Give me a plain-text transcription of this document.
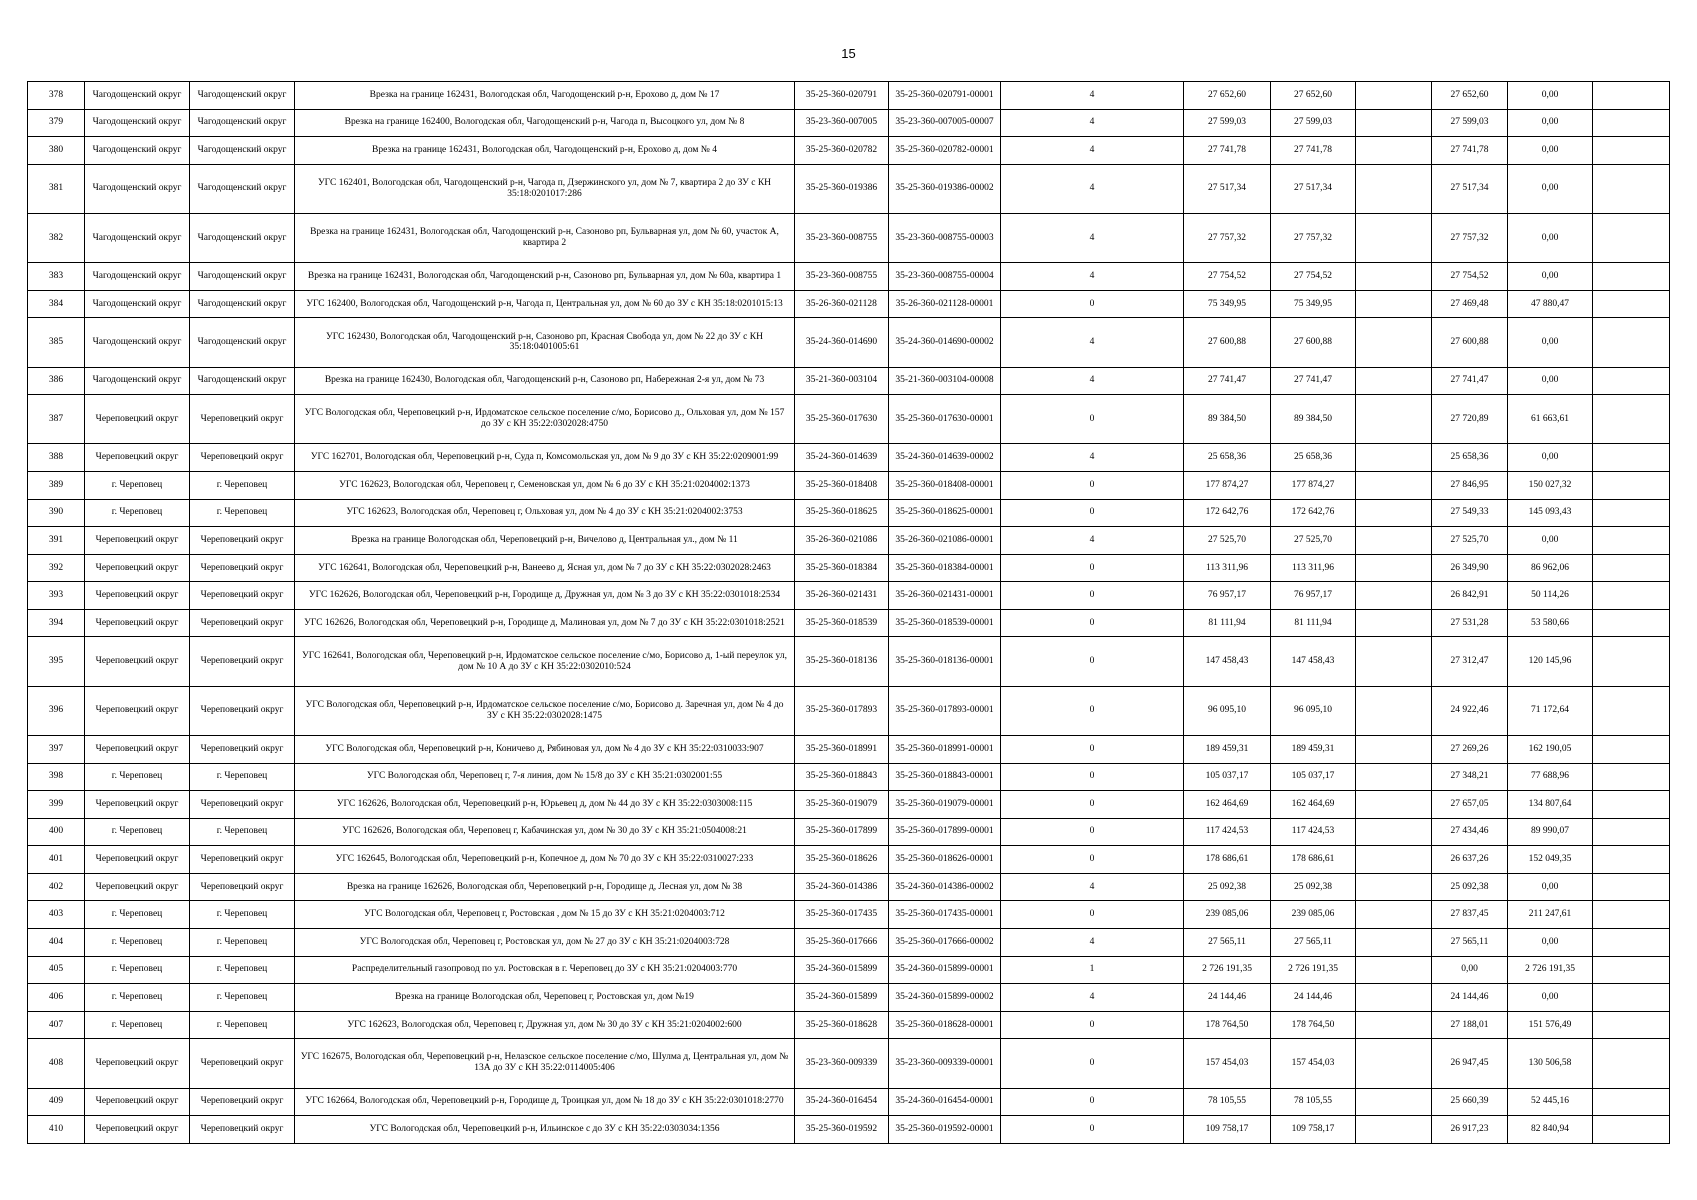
15
378	Чагодощенский округ	Чагодощенский округ	Врезка на границе 162431, Вологодская обл, Чагодощенский р-н, Ерохово д, дом № 17	35-25-360-020791	35-25-360-020791-00001	4	27 652,60	27 652,60		27 652,60	0,00	
379	Чагодощенский округ	Чагодощенский округ	Врезка на границе 162400, Вологодская обл, Чагодощенский р-н, Чагода п, Высоцкого ул, дом № 8	35-23-360-007005	35-23-360-007005-00007	4	27 599,03	27 599,03		27 599,03	0,00	
380	Чагодощенский округ	Чагодощенский округ	Врезка на границе 162431, Вологодская обл, Чагодощенский р-н, Ерохово д, дом № 4	35-25-360-020782	35-25-360-020782-00001	4	27 741,78	27 741,78		27 741,78	0,00	
381	Чагодощенский округ	Чагодощенский округ	УГС 162401, Вологодская обл, Чагодощенский р-н, Чагода п, Дзержинского ул, дом № 7, квартира 2 до ЗУ с КН 35:18:0201017:286	35-25-360-019386	35-25-360-019386-00002	4	27 517,34	27 517,34		27 517,34	0,00	
382	Чагодощенский округ	Чагодощенский округ	Врезка на границе 162431, Вологодская обл, Чагодощенский р-н, Сазоново рп, Бульварная ул, дом № 60, участок А, квартира 2	35-23-360-008755	35-23-360-008755-00003	4	27 757,32	27 757,32		27 757,32	0,00	
383	Чагодощенский округ	Чагодощенский округ	Врезка на границе 162431, Вологодская обл, Чагодощенский р-н, Сазоново рп, Бульварная ул, дом № 60а, квартира 1	35-23-360-008755	35-23-360-008755-00004	4	27 754,52	27 754,52		27 754,52	0,00	
384	Чагодощенский округ	Чагодощенский округ	УГС 162400, Вологодская обл, Чагодощенский р-н, Чагода п, Центральная ул, дом № 60 до ЗУ с КН 35:18:0201015:13	35-26-360-021128	35-26-360-021128-00001	0	75 349,95	75 349,95		27 469,48	47 880,47	
385	Чагодощенский округ	Чагодощенский округ	УГС 162430, Вологодская обл, Чагодощенский р-н, Сазоново рп, Красная Свобода ул, дом № 22 до ЗУ с КН 35:18:0401005:61	35-24-360-014690	35-24-360-014690-00002	4	27 600,88	27 600,88		27 600,88	0,00	
386	Чагодощенский округ	Чагодощенский округ	Врезка на границе 162430, Вологодская обл, Чагодощенский р-н, Сазоново рп, Набережная 2-я ул, дом № 73	35-21-360-003104	35-21-360-003104-00008	4	27 741,47	27 741,47		27 741,47	0,00	
387	Череповецкий округ	Череповецкий округ	УГС Вологодская обл, Череповецкий р-н, Ирдоматское сельское поселение с/мо, Борисово д., Ольховая ул, дом № 157 до ЗУ с КН 35:22:0302028:4750	35-25-360-017630	35-25-360-017630-00001	0	89 384,50	89 384,50		27 720,89	61 663,61	
388	Череповецкий округ	Череповецкий округ	УГС 162701, Вологодская обл, Череповецкий р-н, Суда п, Комсомольская ул, дом № 9 до ЗУ с КН 35:22:0209001:99	35-24-360-014639	35-24-360-014639-00002	4	25 658,36	25 658,36		25 658,36	0,00	
389	г. Череповец	г. Череповец	УГС 162623, Вологодская обл, Череповец г, Семеновская ул, дом № 6 до ЗУ с КН 35:21:0204002:1373	35-25-360-018408	35-25-360-018408-00001	0	177 874,27	177 874,27		27 846,95	150 027,32	
390	г. Череповец	г. Череповец	УГС 162623, Вологодская обл, Череповец г, Ольховая ул, дом № 4 до ЗУ с КН 35:21:0204002:3753	35-25-360-018625	35-25-360-018625-00001	0	172 642,76	172 642,76		27 549,33	145 093,43	
391	Череповецкий округ	Череповецкий округ	Врезка на границе Вологодская обл, Череповецкий р-н, Вичелово д, Центральная ул., дом № 11	35-26-360-021086	35-26-360-021086-00001	4	27 525,70	27 525,70		27 525,70	0,00	
392	Череповецкий округ	Череповецкий округ	УГС 162641, Вологодская обл, Череповецкий р-н, Ванеево д, Ясная ул, дом № 7 до ЗУ с КН 35:22:0302028:2463	35-25-360-018384	35-25-360-018384-00001	0	113 311,96	113 311,96		26 349,90	86 962,06	
393	Череповецкий округ	Череповецкий округ	УГС 162626, Вологодская обл, Череповецкий р-н, Городище д, Дружная ул, дом № 3 до ЗУ с КН 35:22:0301018:2534	35-26-360-021431	35-26-360-021431-00001	0	76 957,17	76 957,17		26 842,91	50 114,26	
394	Череповецкий округ	Череповецкий округ	УГС 162626, Вологодская обл, Череповецкий р-н, Городище д, Малиновая ул, дом № 7 до ЗУ с КН 35:22:0301018:2521	35-25-360-018539	35-25-360-018539-00001	0	81 111,94	81 111,94		27 531,28	53 580,66	
395	Череповецкий округ	Череповецкий округ	УГС 162641, Вологодская обл, Череповецкий р-н, Ирдоматское сельское поселение с/мо, Борисово д, 1-ый переулок ул, дом № 10 А до ЗУ с КН 35:22:0302010:524	35-25-360-018136	35-25-360-018136-00001	0	147 458,43	147 458,43		27 312,47	120 145,96	
396	Череповецкий округ	Череповецкий округ	УГС Вологодская обл, Череповецкий р-н, Ирдоматское сельское поселение с/мо, Борисово д. Заречная ул, дом № 4 до ЗУ с КН 35:22:0302028:1475	35-25-360-017893	35-25-360-017893-00001	0	96 095,10	96 095,10		24 922,46	71 172,64	
397	Череповецкий округ	Череповецкий округ	УГС Вологодская обл, Череповецкий р-н, Коничево д, Рябиновая ул, дом № 4 до ЗУ с КН 35:22:0310033:907	35-25-360-018991	35-25-360-018991-00001	0	189 459,31	189 459,31		27 269,26	162 190,05	
398	г. Череповец	г. Череповец	УГС Вологодская обл, Череповец г, 7-я линия, дом № 15/8 до ЗУ с КН 35:21:0302001:55	35-25-360-018843	35-25-360-018843-00001	0	105 037,17	105 037,17		27 348,21	77 688,96	
399	Череповецкий округ	Череповецкий округ	УГС 162626, Вологодская обл, Череповецкий р-н, Юрьевец д, дом № 44 до ЗУ с КН 35:22:0303008:115	35-25-360-019079	35-25-360-019079-00001	0	162 464,69	162 464,69		27 657,05	134 807,64	
400	г. Череповец	г. Череповец	УГС 162626, Вологодская обл, Череповец г, Кабачинская ул, дом № 30 до ЗУ с КН 35:21:0504008:21	35-25-360-017899	35-25-360-017899-00001	0	117 424,53	117 424,53		27 434,46	89 990,07	
401	Череповецкий округ	Череповецкий округ	УГС 162645, Вологодская обл, Череповецкий р-н, Копечное д, дом № 70 до ЗУ с КН 35:22:0310027:233	35-25-360-018626	35-25-360-018626-00001	0	178 686,61	178 686,61		26 637,26	152 049,35	
402	Череповецкий округ	Череповецкий округ	Врезка на границе 162626, Вологодская обл, Череповецкий р-н, Городище д, Лесная ул, дом № 38	35-24-360-014386	35-24-360-014386-00002	4	25 092,38	25 092,38		25 092,38	0,00	
403	г. Череповец	г. Череповец	УГС Вологодская обл, Череповец г, Ростовская , дом № 15 до ЗУ с КН 35:21:0204003:712	35-25-360-017435	35-25-360-017435-00001	0	239 085,06	239 085,06		27 837,45	211 247,61	
404	г. Череповец	г. Череповец	УГС Вологодская обл, Череповец г, Ростовская ул, дом № 27 до ЗУ с КН 35:21:0204003:728	35-25-360-017666	35-25-360-017666-00002	4	27 565,11	27 565,11		27 565,11	0,00	
405	г. Череповец	г. Череповец	Распределительный газопровод по ул. Ростовская в г. Череповец до ЗУ с КН 35:21:0204003:770	35-24-360-015899	35-24-360-015899-00001	1	2 726 191,35	2 726 191,35		0,00	2 726 191,35	
406	г. Череповец	г. Череповец	Врезка на границе Вологодская обл, Череповец г, Ростовская ул, дом №19	35-24-360-015899	35-24-360-015899-00002	4	24 144,46	24 144,46		24 144,46	0,00	
407	г. Череповец	г. Череповец	УГС 162623, Вологодская обл, Череповец г, Дружная ул, дом № 30 до ЗУ с КН 35:21:0204002:600	35-25-360-018628	35-25-360-018628-00001	0	178 764,50	178 764,50		27 188,01	151 576,49	
408	Череповецкий округ	Череповецкий округ	УГС 162675, Вологодская обл, Череповецкий р-н, Нелазское сельское поселение с/мо, Шулма д, Центральная ул, дом № 13А до ЗУ с КН 35:22:0114005:406	35-23-360-009339	35-23-360-009339-00001	0	157 454,03	157 454,03		26 947,45	130 506,58	
409	Череповецкий округ	Череповецкий округ	УГС 162664, Вологодская обл, Череповецкий р-н, Городище д, Троицкая ул, дом № 18 до ЗУ с КН 35:22:0301018:2770	35-24-360-016454	35-24-360-016454-00001	0	78 105,55	78 105,55		25 660,39	52 445,16	
410	Череповецкий округ	Череповецкий округ	УГС Вологодская обл, Череповецкий р-н, Ильинское с до ЗУ с КН 35:22:0303034:1356	35-25-360-019592	35-25-360-019592-00001	0	109 758,17	109 758,17		26 917,23	82 840,94	
